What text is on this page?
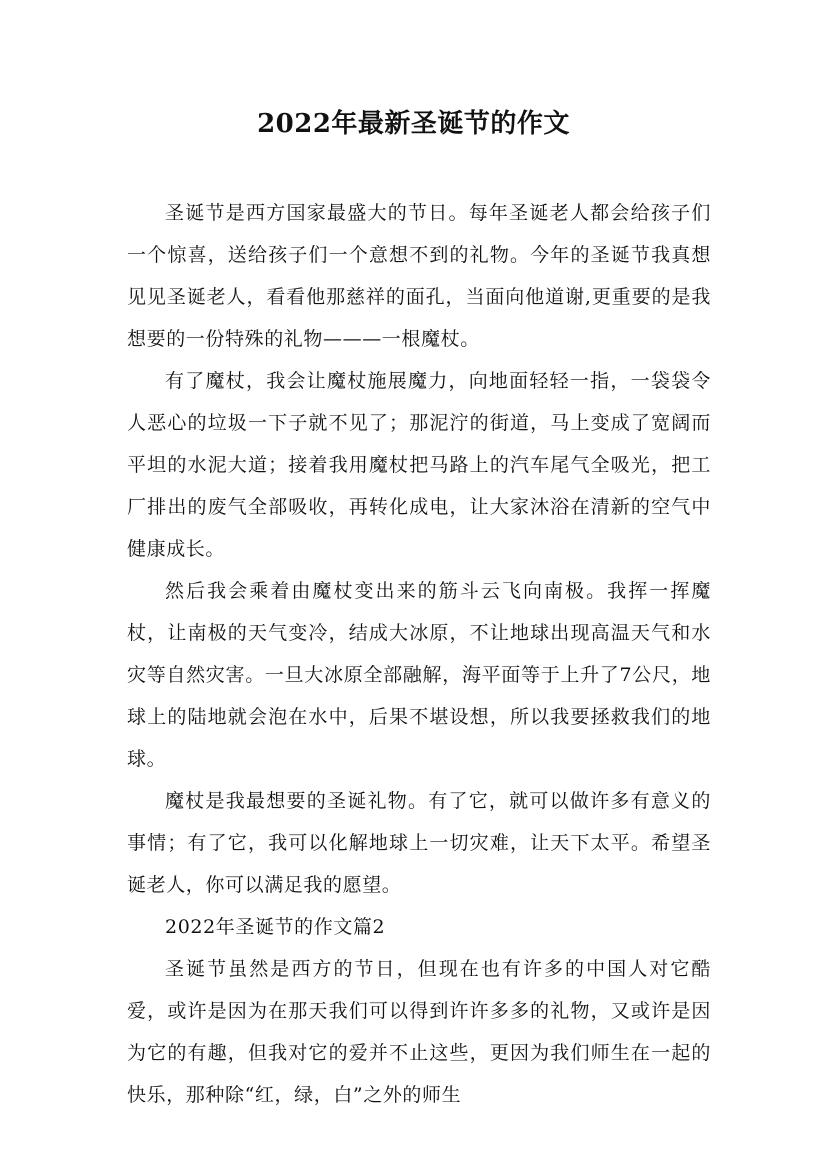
2022年最新圣诞节的作文

圣诞节是西方国家最盛大的节日。每年圣诞老人都会给孩子们一个惊喜，送给孩子们一个意想不到的礼物。今年的圣诞节我真想见见圣诞老人，看看他那慈祥的面孔，当面向他道谢,更重要的是我想要的一份特殊的礼物———一根魔杖。

有了魔杖，我会让魔杖施展魔力，向地面轻轻一指，一袋袋令人恶心的垃圾一下子就不见了；那泥泞的街道，马上变成了宽阔而平坦的水泥大道；接着我用魔杖把马路上的汽车尾气全吸光，把工厂排出的废气全部吸收，再转化成电，让大家沐浴在清新的空气中健康成长。

然后我会乘着由魔杖变出来的筋斗云飞向南极。我挥一挥魔杖，让南极的天气变冷，结成大冰原，不让地球出现高温天气和水灾等自然灾害。一旦大冰原全部融解，海平面等于上升了7公尺，地球上的陆地就会泡在水中，后果不堪设想，所以我要拯救我们的地球。

魔杖是我最想要的圣诞礼物。有了它，就可以做许多有意义的事情；有了它，我可以化解地球上一切灾难，让天下太平。希望圣诞老人，你可以满足我的愿望。

2022年圣诞节的作文篇2

圣诞节虽然是西方的节日，但现在也有许多的中国人对它酷爱，或许是因为在那天我们可以得到许许多多的礼物，又或许是因为它的有趣，但我对它的爱并不止这些，更因为我们师生在一起的快乐，那种除“红，绿，白”之外的师生
